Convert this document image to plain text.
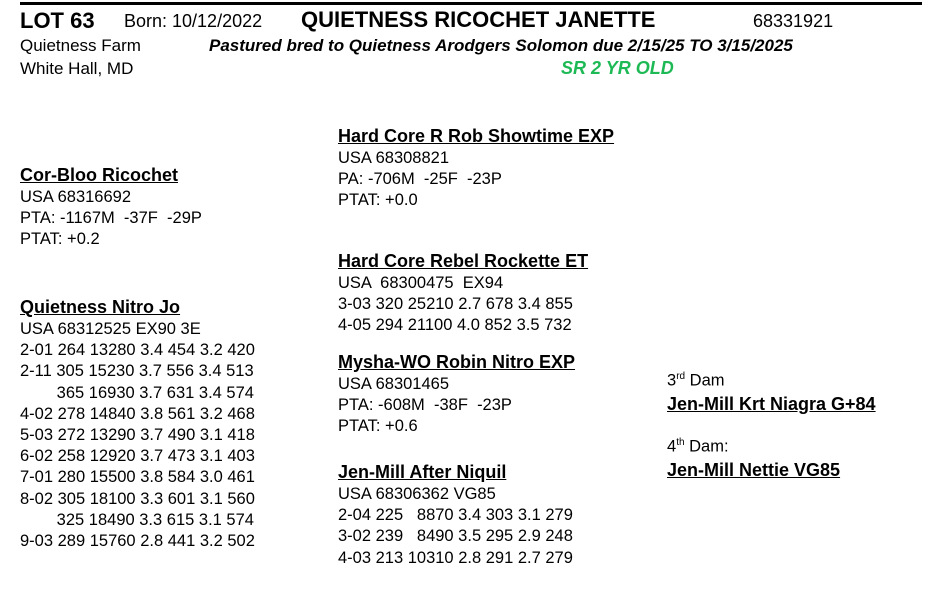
LOT 63 Born: 10/12/2022 QUIETNESS RICOCHET JANETTE	68331921
Quietness Farm
White Hall, MD
Pastured bred to Quietness Arodgers Solomon due 2/15/25 TO 3/15/2025
SR 2 YR OLD
Cor-Bloo Ricochet
USA 68316692
PTA: -1167M  -37F  -29P
PTAT: +0.2
Quietness Nitro Jo
USA 68312525 EX90 3E
2-01 264 13280 3.4 454 3.2 420
2-11 305 15230 3.7 556 3.4 513
365 16930 3.7 631 3.4 574
4-02 278 14840 3.8 561 3.2 468
5-03 272 13290 3.7 490 3.1 418
6-02 258 12920 3.7 473 3.1 403
7-01 280 15500 3.8 584 3.0 461
8-02 305 18100 3.3 601 3.1 560
325 18490 3.3 615 3.1 574
9-03 289 15760 2.8 441 3.2 502
Hard Core R Rob Showtime EXP
USA 68308821
PA: -706M  -25F  -23P
PTAT: +0.0
Hard Core Rebel Rockette ET
USA  68300475  EX94
3-03 320 25210 2.7 678 3.4 855
4-05 294 21100 4.0 852 3.5 732
Mysha-WO Robin Nitro EXP
USA 68301465
PTA: -608M  -38F  -23P
PTAT: +0.6
Jen-Mill After Niquil
USA 68306362 VG85
2-04 225   8870 3.4 303 3.1 279
3-02 239   8490 3.5 295 2.9 248
4-03 213 10310 2.8 291 2.7 279
3rd Dam
Jen-Mill Krt Niagra G+84
4th Dam:
Jen-Mill Nettie VG85
